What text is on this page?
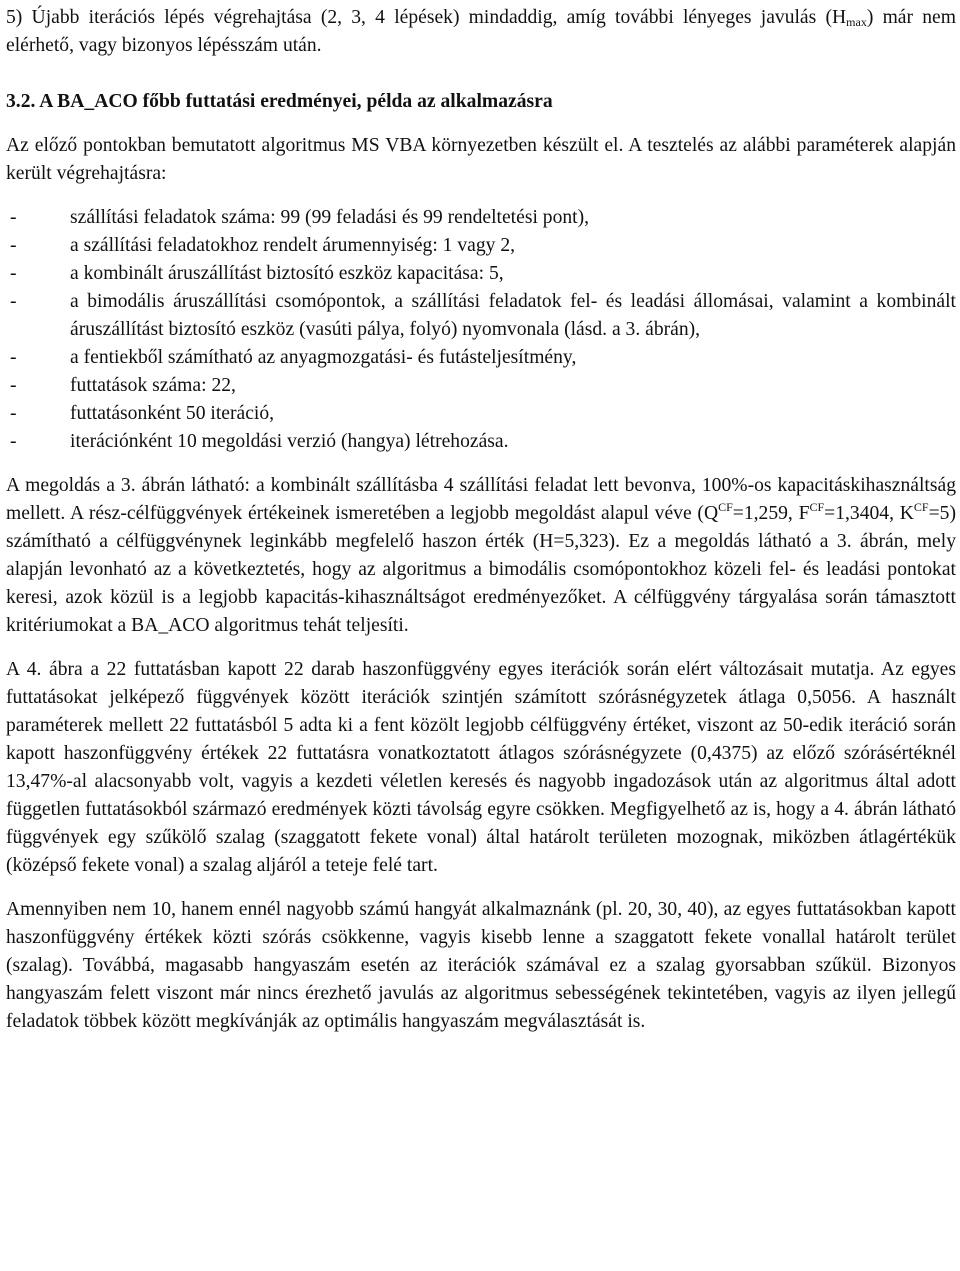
5) Újabb iterációs lépés végrehajtása (2, 3, 4 lépések) mindaddig, amíg további lényeges javulás $(H_{max})$ már nem elérhető, vagy bizonyos lépésszám után.

3.2. A BA_ACO főbb futtatási eredményei, példa az alkalmazásra

Az előző pontokban bemutatott algoritmus MS VBA környezetben készült el. A tesztelés az alábbi paraméterek alapján került végrehajtásra:

-	szállítási feladatok száma: 99 (99 feladási és 99 rendeltetési pont),
-	a szállítási feladatokhoz rendelt árumennyiség: 1 vagy 2,
-	a kombinált áruszállítást biztosító eszköz kapacitása: 5,
-	a bimodális áruszállítási csomópontok, a szállítási feladatok fel- és leadási állomásai, valamint a kombinált áruszállítást biztosító eszköz (vasúti pálya, folyó) nyomvonala (lásd. a 3. ábrán),
-	a fentiekből számítható az anyagmozgatási- és futásteljesítmény,
-	futtatások száma: 22,
-	futtatásonként 50 iteráció,
-	iterációnként 10 megoldási verzió (hangya) létrehozása.

A megoldás a 3. ábrán látható: a kombinált szállításba 4 szállítási feladat lett bevonva, 100%-os kapacitáskihasználtság mellett. A rész-célfüggvények értékeinek ismeretében a legjobb megoldást alapul véve ($Q^{CF}=1,259$, $F^{CF}=1,3404$, $K^{CF}=5$) számítható a célfüggvénynek leginkább megfelelő haszon érték (H=5,323). Ez a megoldás látható a 3. ábrán, mely alapján levonható az a következtetés, hogy az algoritmus a bimodális csomópontokhoz közeli fel- és leadási pontokat keresi, azok közül is a legjobb kapacitás-kihasználtságot eredményezőket. A célfüggvény tárgyalása során támasztott kritériumokat a BA_ACO algoritmus tehát teljesíti.

A 4. ábra a 22 futtatásban kapott 22 darab haszonfüggvény egyes iterációk során elért változásait mutatja. Az egyes futtatásokat jelképező függvények között iterációk szintjén számított szórásnégyzetek átlaga 0,5056. A használt paraméterek mellett 22 futtatásból 5 adta ki a fent közölt legjobb célfüggvény értéket, viszont az 50-edik iteráció során kapott haszonfüggvény értékek 22 futtatásra vonatkoztatott átlagos szórásnégyzete (0,4375) az előző szórásértéknél 13,47%-al alacsonyabb volt, vagyis a kezdeti véletlen keresés és nagyobb ingadozások után az algoritmus által adott független futtatásokból származó eredmények közti távolság egyre csökken. Megfigyelhető az is, hogy a 4. ábrán látható függvények egy szűkölő szalag (szaggatott fekete vonal) által határolt területen mozognak, miközben átlagértékük (középső fekete vonal) a szalag aljáról a teteje felé tart.

Amennyiben nem 10, hanem ennél nagyobb számú hangyát alkalmaznánk (pl. 20, 30, 40), az egyes futtatásokban kapott haszonfüggvény értékek közti szórás csökkenne, vagyis kisebb lenne a szaggatott fekete vonallal határolt terület (szalag). Továbbá, magasabb hangyaszám esetén az iterációk számával ez a szalag gyorsabban szűkül. Bizonyos hangyaszám felett viszont már nincs érezhető javulás az algoritmus sebességének tekintetében, vagyis az ilyen jellegű feladatok többek között megkívánják az optimális hangyaszám megválasztását is.
